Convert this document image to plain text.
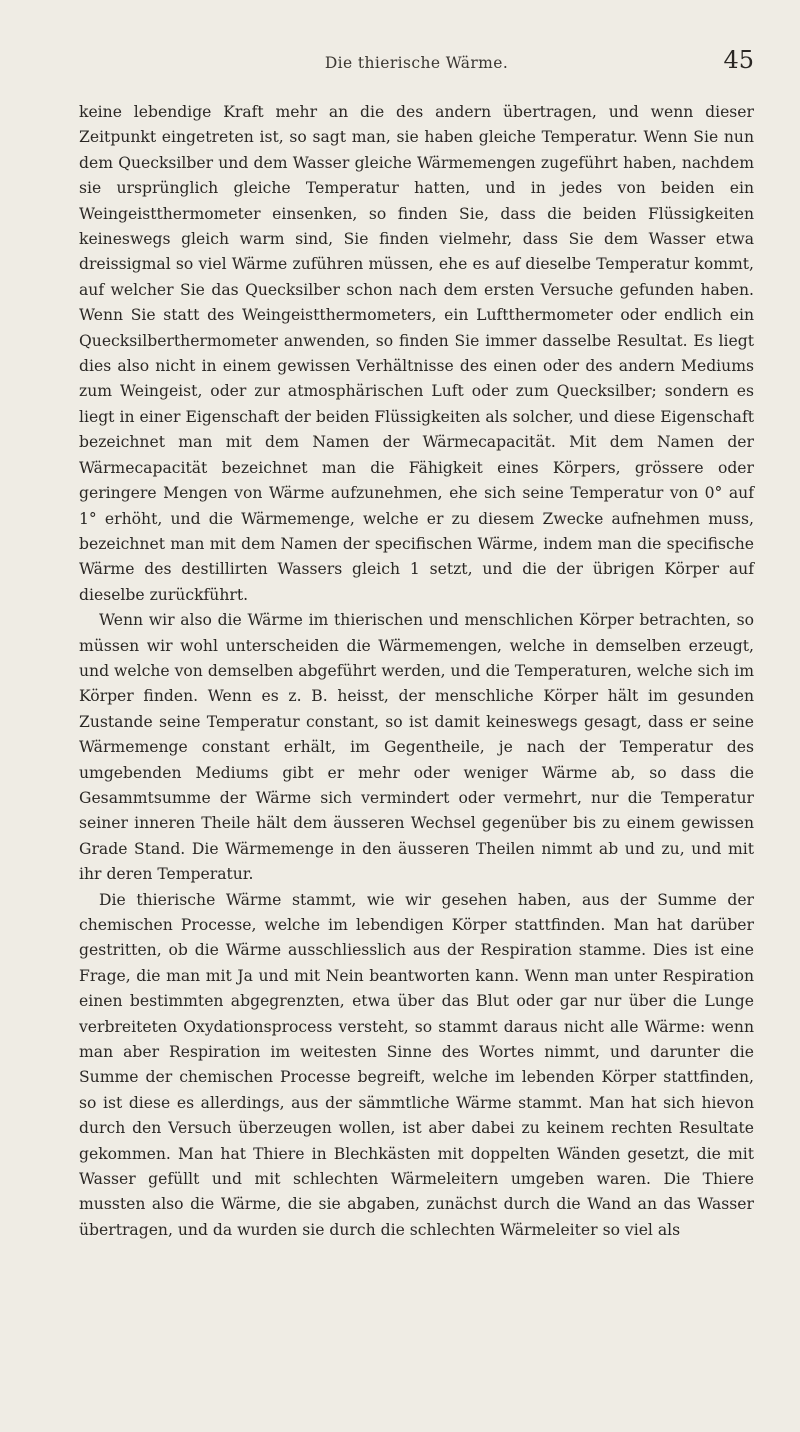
Die thierische Wärme.	45

keine lebendige Kraft mehr an die des andern übertragen, und wenn dieser Zeitpunkt eingetreten ist, so sagt man, sie haben gleiche Temperatur. Wenn Sie nun dem Quecksilber und dem Wasser gleiche Wärmemengen zugeführt haben, nachdem sie ursprünglich gleiche Temperatur hatten, und in jedes von beiden ein Weingeistthermometer einsenken, so finden Sie, dass die beiden Flüssigkeiten keineswegs gleich warm sind, Sie finden vielmehr, dass Sie dem Wasser etwa dreissigmal so viel Wärme zuführen müssen, ehe es auf dieselbe Temperatur kommt, auf welcher Sie das Quecksilber schon nach dem ersten Versuche gefunden haben. Wenn Sie statt des Weingeistthermometers, ein Luftthermometer oder endlich ein Quecksilberthermometer anwenden, so finden Sie immer dasselbe Resultat. Es liegt dies also nicht in einem gewissen Verhältnisse des einen oder des andern Mediums zum Weingeist, oder zur atmosphärischen Luft oder zum Quecksilber; sondern es liegt in einer Eigenschaft der beiden Flüssigkeiten als solcher, und diese Eigenschaft bezeichnet man mit dem Namen der Wärmecapacität. Mit dem Namen der Wärmecapacität bezeichnet man die Fähigkeit eines Körpers, grössere oder geringere Mengen von Wärme aufzunehmen, ehe sich seine Temperatur von 0° auf 1° erhöht, und die Wärmemenge, welche er zu diesem Zwecke aufnehmen muss, bezeichnet man mit dem Namen der specifischen Wärme, indem man die specifische Wärme des destillirten Wassers gleich 1 setzt, und die der übrigen Körper auf dieselbe zurückführt.

Wenn wir also die Wärme im thierischen und menschlichen Körper betrachten, so müssen wir wohl unterscheiden die Wärmemengen, welche in demselben erzeugt, und welche von demselben abgeführt werden, und die Temperaturen, welche sich im Körper finden. Wenn es z. B. heisst, der menschliche Körper hält im gesunden Zustande seine Temperatur constant, so ist damit keineswegs gesagt, dass er seine Wärmemenge constant erhält, im Gegentheile, je nach der Temperatur des umgebenden Mediums gibt er mehr oder weniger Wärme ab, so dass die Gesammtsumme der Wärme sich vermindert oder vermehrt, nur die Temperatur seiner inneren Theile hält dem äusseren Wechsel gegenüber bis zu einem gewissen Grade Stand. Die Wärmemenge in den äusseren Theilen nimmt ab und zu, und mit ihr deren Temperatur.

Die thierische Wärme stammt, wie wir gesehen haben, aus der Summe der chemischen Processe, welche im lebendigen Körper stattfinden. Man hat darüber gestritten, ob die Wärme ausschliesslich aus der Respiration stamme. Dies ist eine Frage, die man mit Ja und mit Nein beantworten kann. Wenn man unter Respiration einen bestimmten abgegrenzten, etwa über das Blut oder gar nur über die Lunge verbreiteten Oxydationsprocess versteht, so stammt daraus nicht alle Wärme: wenn man aber Respiration im weitesten Sinne des Wortes nimmt, und darunter die Summe der chemischen Processe begreift, welche im lebenden Körper stattfinden, so ist diese es allerdings, aus der sämmtliche Wärme stammt. Man hat sich hievon durch den Versuch überzeugen wollen, ist aber dabei zu keinem rechten Resultate gekommen. Man hat Thiere in Blechkästen mit doppelten Wänden gesetzt, die mit Wasser gefüllt und mit schlechten Wärmeleitern umgeben waren. Die Thiere mussten also die Wärme, die sie abgaben, zunächst durch die Wand an das Wasser übertragen, und da wurden sie durch die schlechten Wärmeleiter so viel als
